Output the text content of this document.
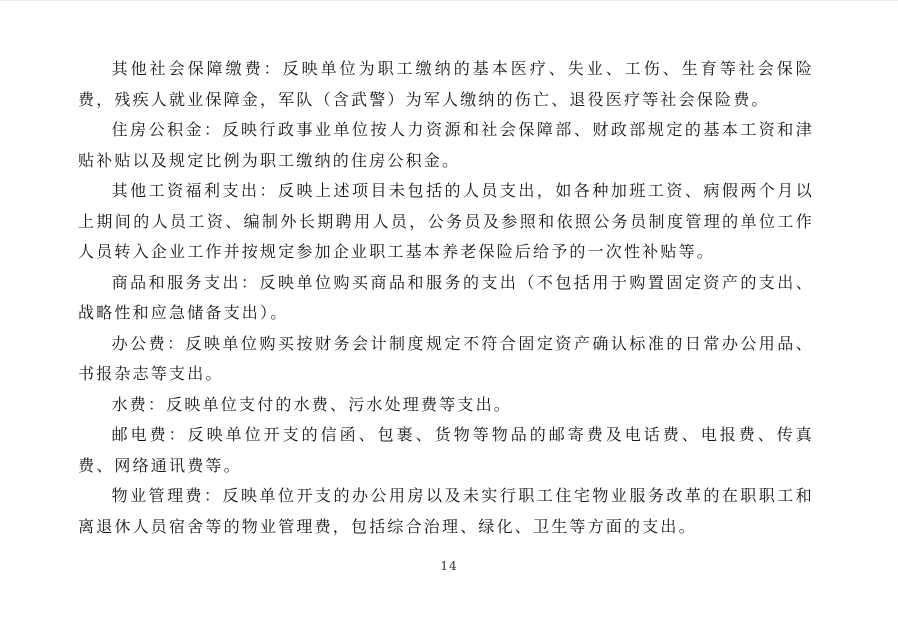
其他社会保障缴费：反映单位为职工缴纳的基本医疗、失业、工伤、生育等社会保险费，残疾人就业保障金，军队（含武警）为军人缴纳的伤亡、退役医疗等社会保险费。

住房公积金：反映行政事业单位按人力资源和社会保障部、财政部规定的基本工资和津贴补贴以及规定比例为职工缴纳的住房公积金。

其他工资福利支出：反映上述项目未包括的人员支出，如各种加班工资、病假两个月以上期间的人员工资、编制外长期聘用人员，公务员及参照和依照公务员制度管理的单位工作人员转入企业工作并按规定参加企业职工基本养老保险后给予的一次性补贴等。

商品和服务支出：反映单位购买商品和服务的支出（不包括用于购置固定资产的支出、战略性和应急储备支出）。

办公费：反映单位购买按财务会计制度规定不符合固定资产确认标准的日常办公用品、书报杂志等支出。

水费：反映单位支付的水费、污水处理费等支出。

邮电费：反映单位开支的信函、包裹、货物等物品的邮寄费及电话费、电报费、传真费、网络通讯费等。

物业管理费：反映单位开支的办公用房以及未实行职工住宅物业服务改革的在职职工和离退休人员宿舍等的物业管理费，包括综合治理、绿化、卫生等方面的支出。

14
